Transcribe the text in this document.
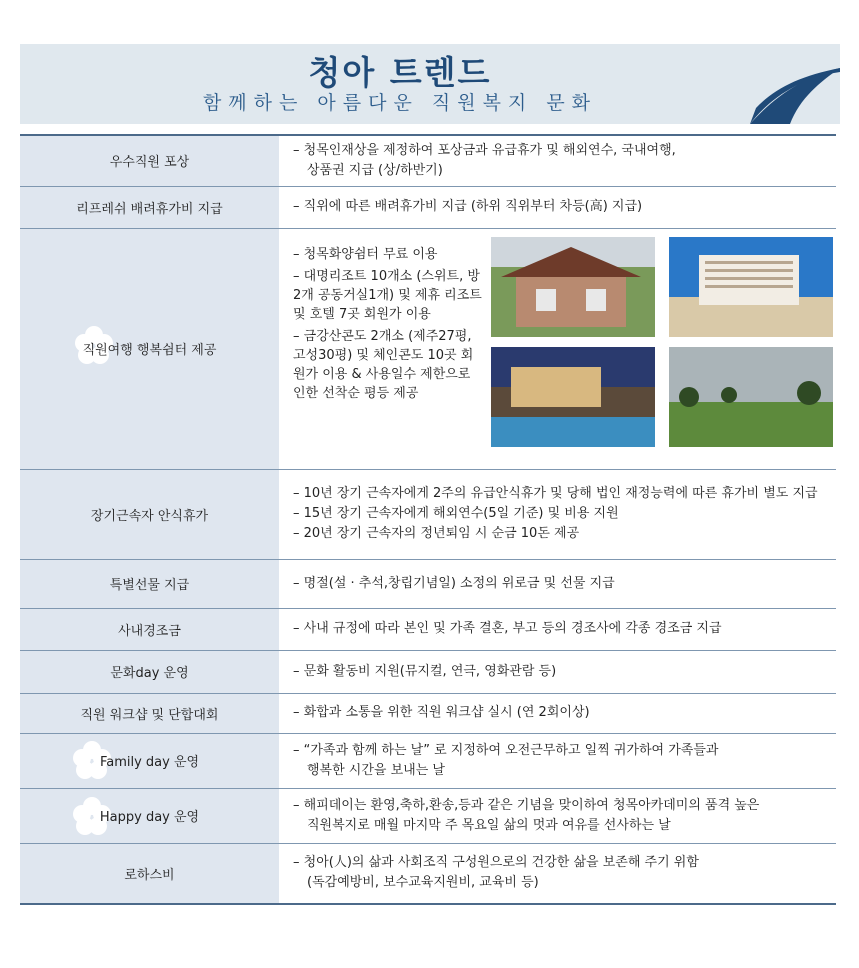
청아 트렌드
함께하는 아름다운 직원복지 문화
우수직원 포상	– 청목인재상을 제정하여 포상금과 유급휴가 및 해외연수, 국내여행,
상품권 지급 (상/하반기)

리프레쉬 배려휴가비 지급	– 직위에 따른 배려휴가비 지급 (하위 직위부터 차등(高) 지급)

직원여행 행복쉼터 제공	– 청목화양쉼터 무료 이용
– 대명리조트 10개소 (스위트, 방2개 공동거실1개) 및 제휴 리조트 및 호텔 7곳 회원가 이용
– 금강산콘도 2개소 (제주27평, 고성30평) 및 체인콘도 10곳 회원가 이용 & 사용일수 제한으로 인한 선착순 평등 제공

장기근속자 안식휴가	– 10년 장기 근속자에게 2주의 유급안식휴가 및 당해 법인 재정능력에 따른 휴가비 별도 지급
– 15년 장기 근속자에게 해외연수(5일 기준) 및 비용 지원
– 20년 장기 근속자의 정년퇴임 시 순금 10돈 제공

특별선물 지급	– 명절(설 · 추석,창립기념일) 소정의 위로금 및 선물 지급

사내경조금	– 사내 규정에 따라 본인 및 가족 결혼, 부고 등의 경조사에 각종 경조금 지급

문화day 운영	– 문화 활동비 지원(뮤지컬, 연극, 영화관람 등)

직원 워크샵 및 단합대회	– 화합과 소통을 위한 직원 워크샵 실시 (연 2회이상)

Family day 운영	– “가족과 함께 하는 날” 로 지정하여 오전근무하고 일찍 귀가하여 가족들과
행복한 시간을 보내는 날

Happy day 운영	– 해피데이는 환영,축하,환송,등과 같은 기념을 맞이하여 청목아카데미의 품격 높은
직원복지로 매월 마지막 주 목요일 삶의 멋과 여유를 선사하는 날

로하스비	– 청아(人)의 삶과 사회조직 구성원으로의 건강한 삶을 보존해 주기 위함
(독감예방비, 보수교육지원비, 교육비 등)
